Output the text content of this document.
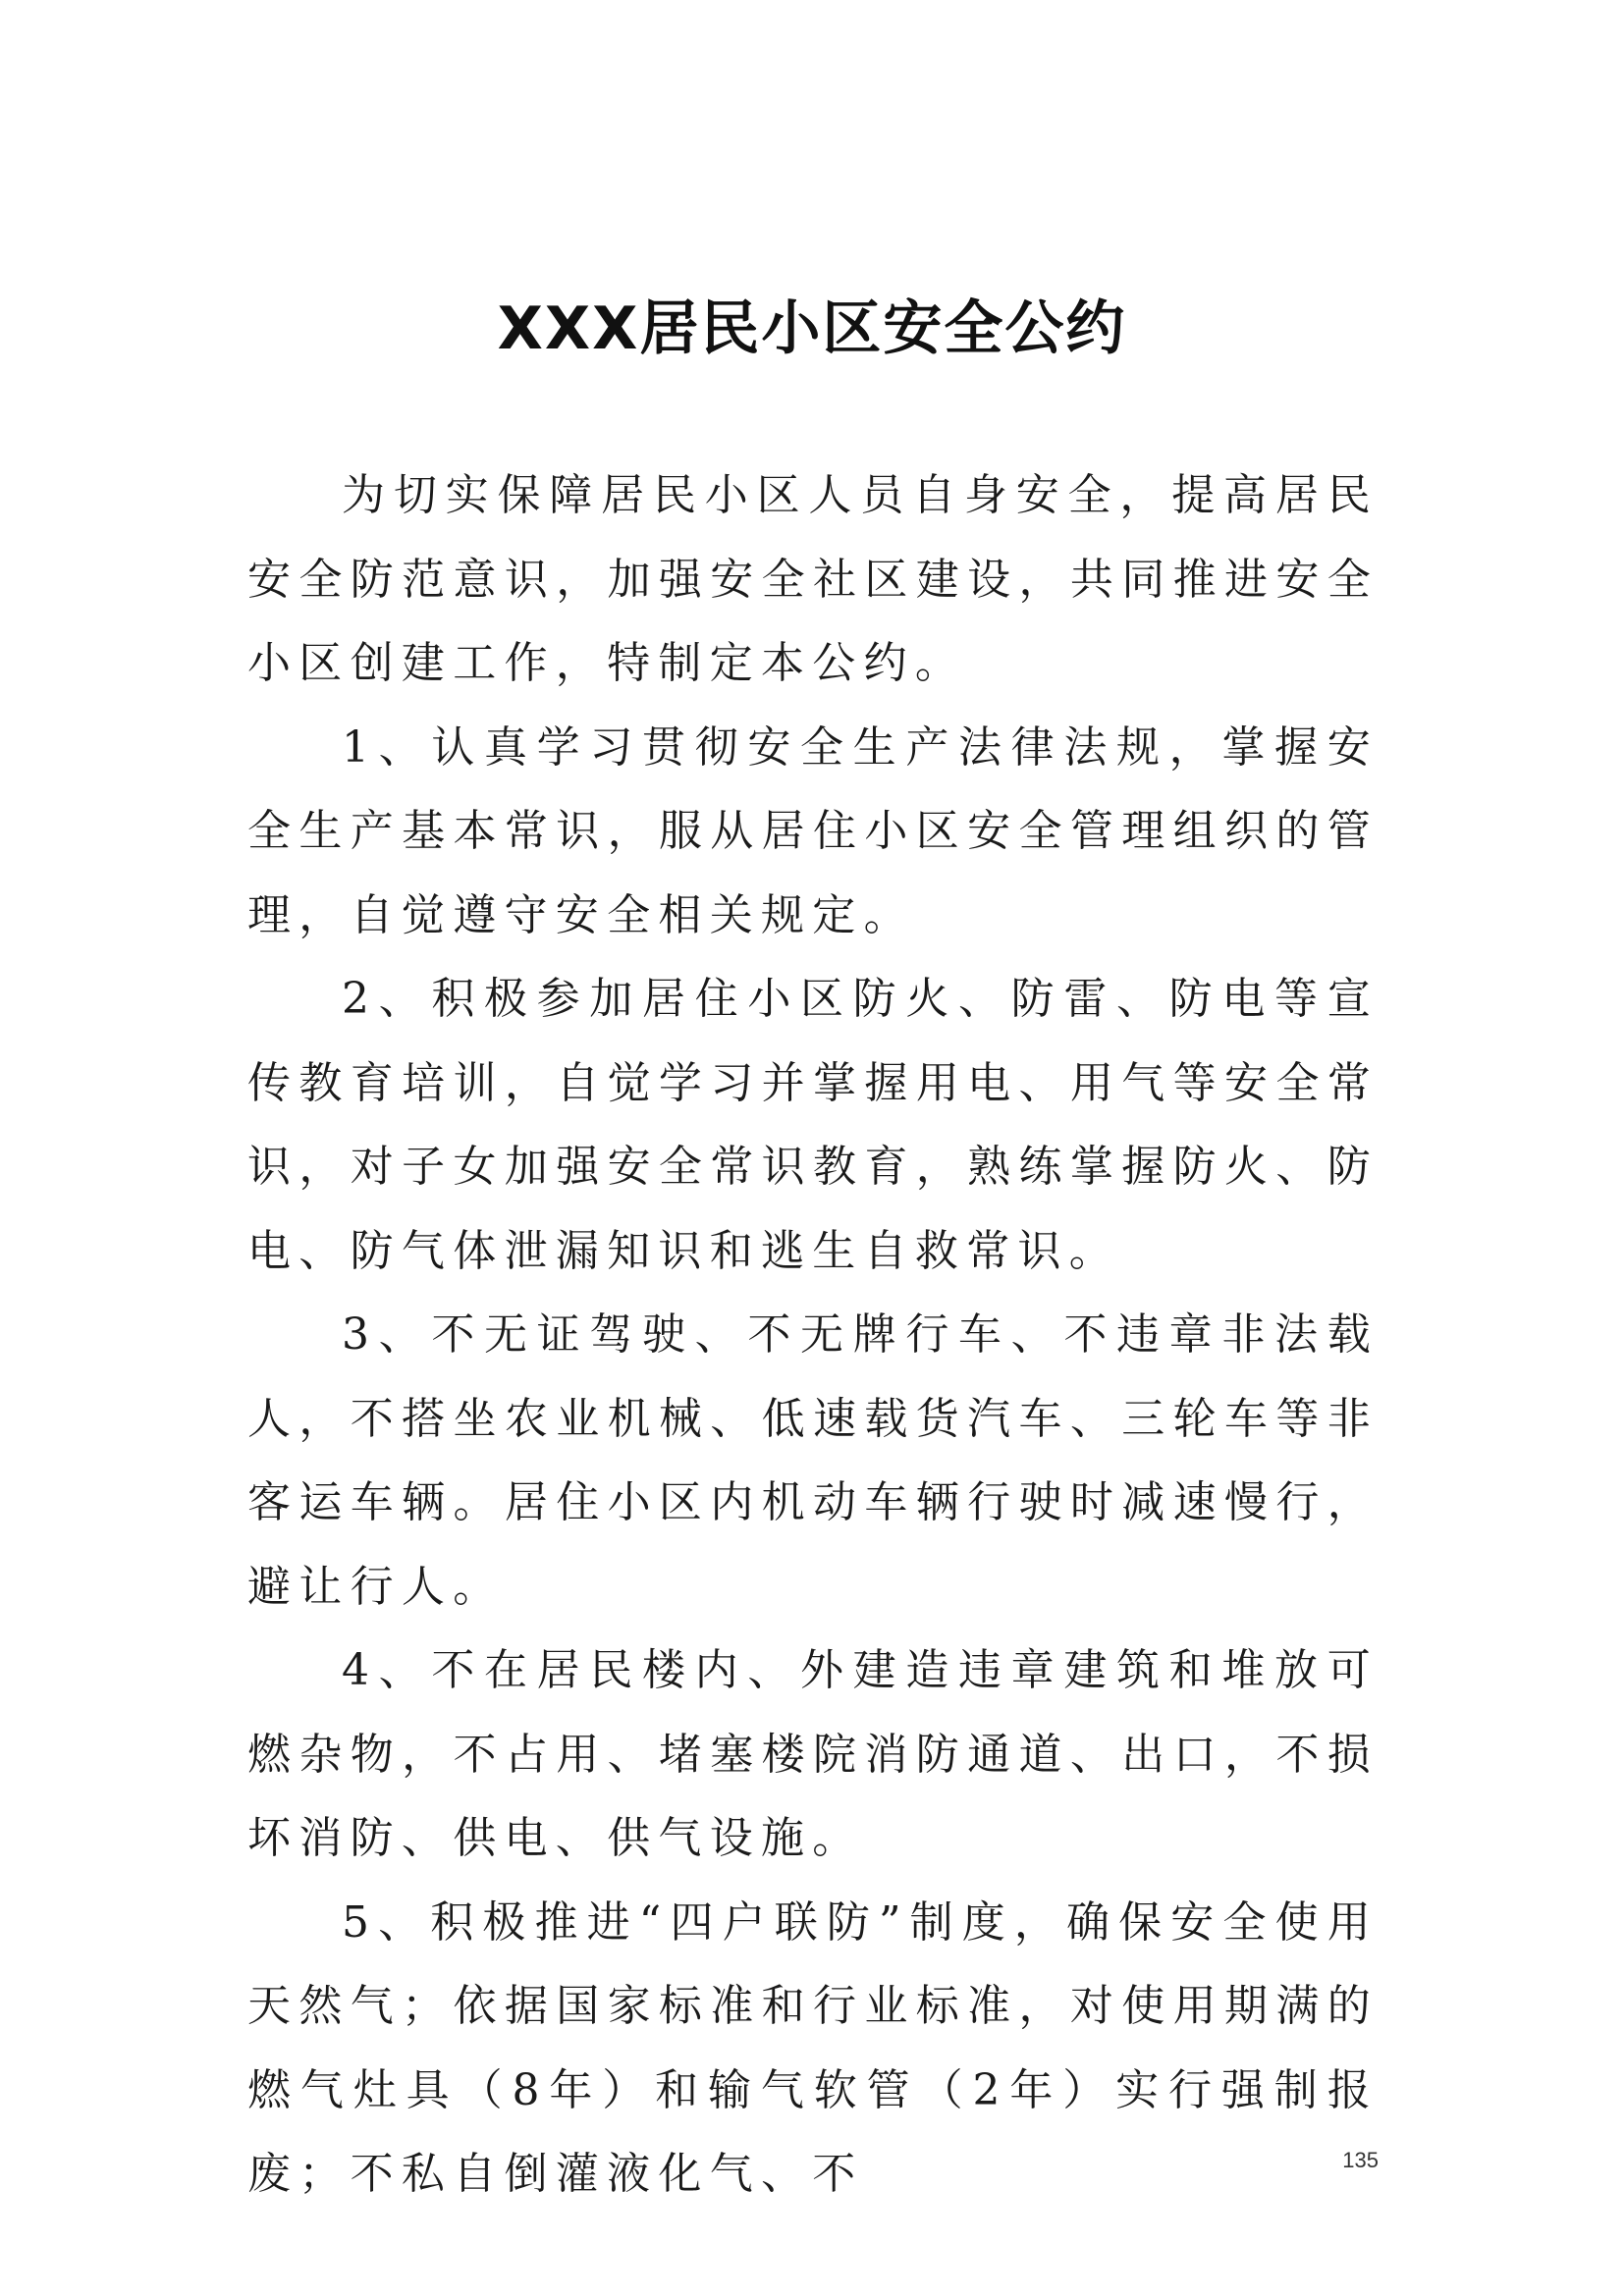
XXX居民小区安全公约

为切实保障居民小区人员自身安全，提高居民安全防范意识，加强安全社区建设，共同推进安全小区创建工作，特制定本公约。

1、认真学习贯彻安全生产法律法规，掌握安全生产基本常识，服从居住小区安全管理组织的管理，自觉遵守安全相关规定。

2、积极参加居住小区防火、防雷、防电等宣传教育培训，自觉学习并掌握用电、用气等安全常识，对子女加强安全常识教育，熟练掌握防火、防电、防气体泄漏知识和逃生自救常识。

3、不无证驾驶、不无牌行车、不违章非法载人，不搭坐农业机械、低速载货汽车、三轮车等非客运车辆。居住小区内机动车辆行驶时减速慢行，避让行人。

4、不在居民楼内、外建造违章建筑和堆放可燃杂物，不占用、堵塞楼院消防通道、出口，不损坏消防、供电、供气设施。

5、积极推进“四户联防”制度，确保安全使用天然气；依据国家标准和行业标准，对使用期满的燃气灶具（8年）和输气软管（2年）实行强制报废；不私自倒灌液化气、不	135
